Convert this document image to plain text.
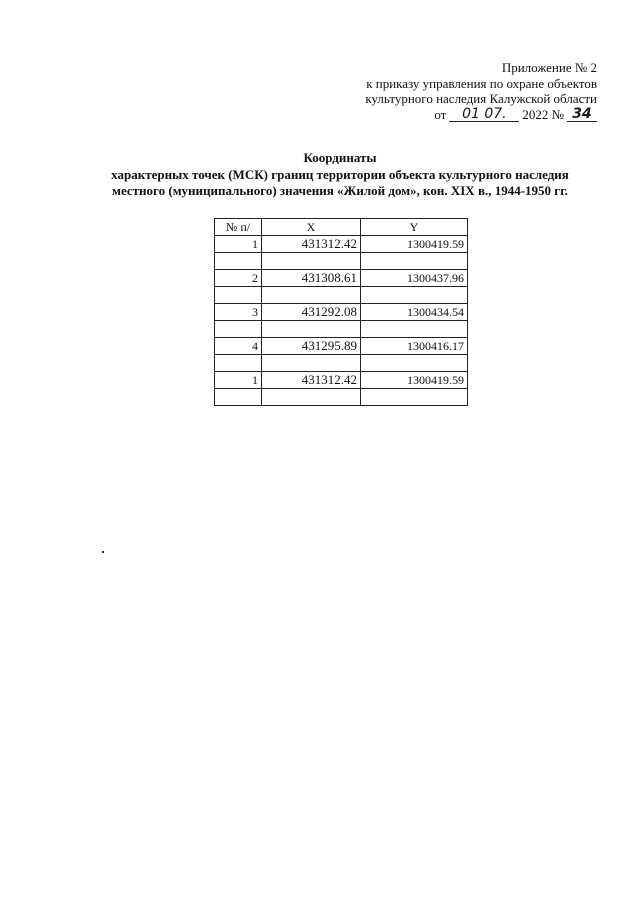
Приложение № 2
к приказу управления по охране объектов
культурного наследия Калужской области
от	01 07.	2022 № 34
Координаты
характерных точек (МСК) границ территории объекта культурного наследия
местного (муниципального) значения «Жилой дом», кон. XIX в., 1944-1950 гг.
№ п/	X	Y
1	431312.42	1300419.59

2	431308.61	1300437.96

3	431292.08	1300434.54

4	431295.89	1300416.17

1	431312.42	1300419.59
